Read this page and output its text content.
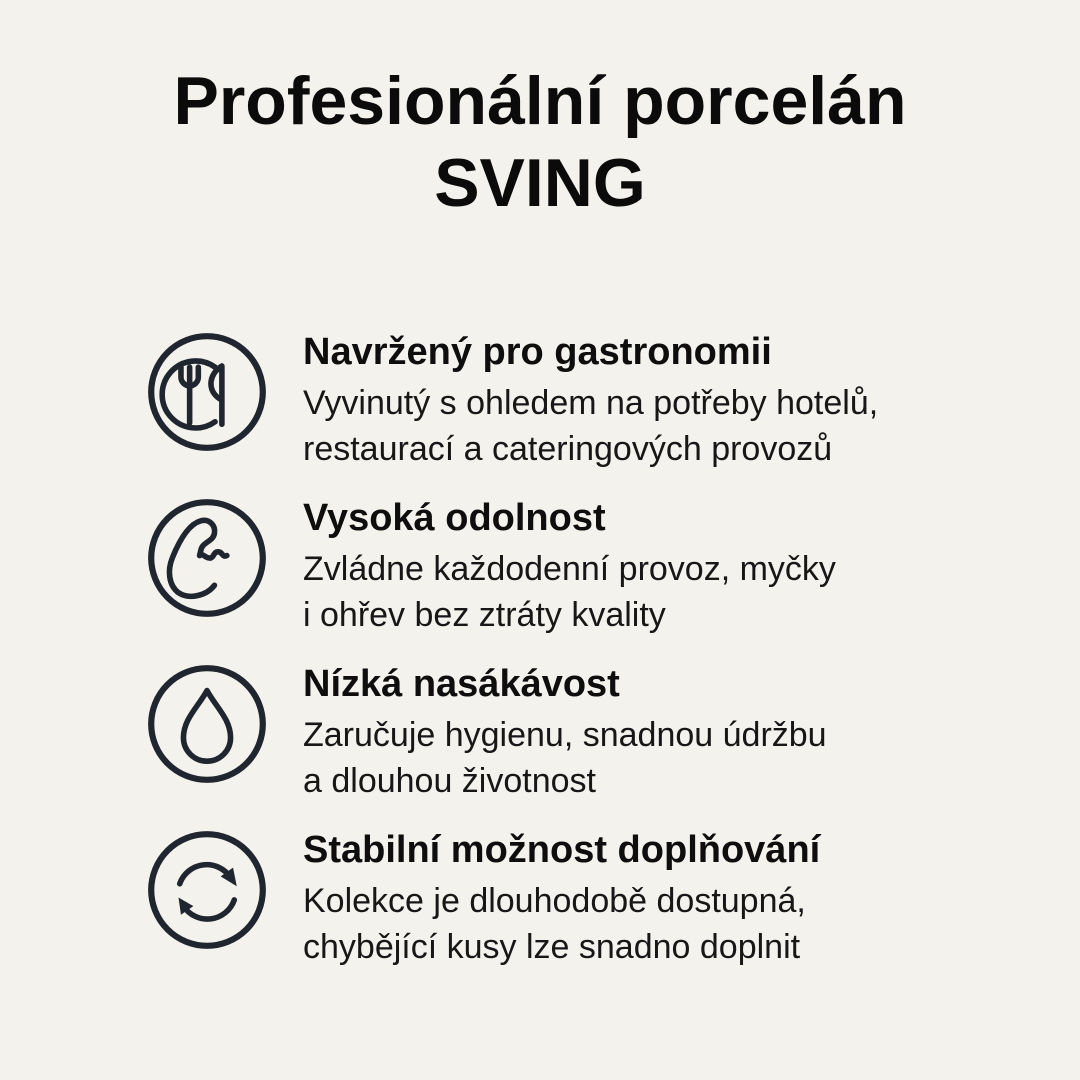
Profesionální porcelán
SVING
Navržený pro gastronomii
Vyvinutý s ohledem na potřeby hotelů,
restaurací a cateringových provozů
Vysoká odolnost
Zvládne každodenní provoz, myčky
i ohřev bez ztráty kvality
Nízká nasákávost
Zaručuje hygienu, snadnou údržbu
a dlouhou životnost
Stabilní možnost doplňování
Kolekce je dlouhodobě dostupná,
chybějící kusy lze snadno doplnit
